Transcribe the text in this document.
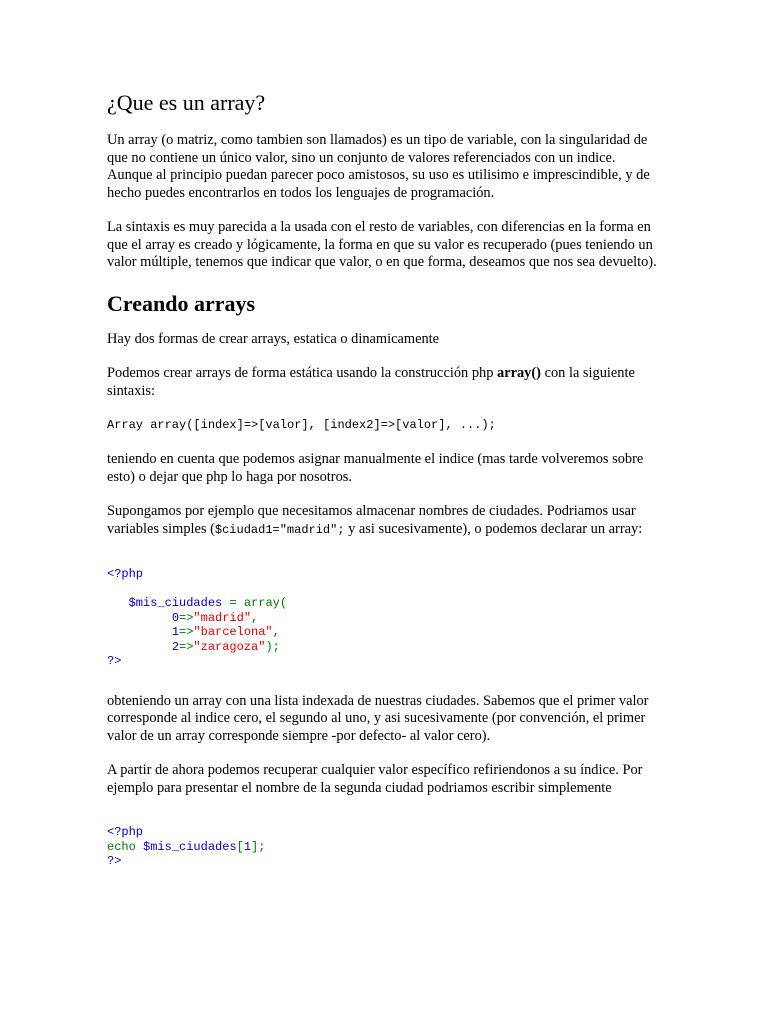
¿Que es un array?

Un array (o matriz, como tambien son llamados) es un tipo de variable, con la singularidad de que no contiene un único valor, sino un conjunto de valores referenciados con un indice. Aunque al principio puedan parecer poco amistosos, su uso es utilisimo e imprescindible, y de hecho puedes encontrarlos en todos los lenguajes de programación.

La sintaxis es muy parecida a la usada con el resto de variables, con diferencias en la forma en que el array es creado y lógicamente, la forma en que su valor es recuperado (pues teniendo un valor múltiple, tenemos que indicar que valor, o en que forma, deseamos que nos sea devuelto).

Creando arrays

Hay dos formas de crear arrays, estatica o dinamicamente

Podemos crear arrays de forma estática usando la construcción php array() con la siguiente sintaxis:

Array array([index]=>[valor], [index2]=>[valor], ...);

teniendo en cuenta que podemos asignar manualmente el indice (mas tarde volveremos sobre esto) o dejar que php lo haga por nosotros.

Supongamos por ejemplo que necesitamos almacenar nombres de ciudades. Podriamos usar variables simples ($ciudad1="madrid"; y asi sucesivamente), o podemos declarar un array:

<?php

$mis_ciudades = array(
0=>"madrid",
1=>"barcelona",
2=>"zaragoza");
?>

obteniendo un array con una lista indexada de nuestras ciudades. Sabemos que el primer valor corresponde al indice cero, el segundo al uno, y asi sucesivamente (por convención, el primer valor de un array corresponde siempre -por defecto- al valor cero).

A partir de ahora podemos recuperar cualquier valor específico refiriendonos a su índice. Por ejemplo para presentar el nombre de la segunda ciudad podriamos escribir simplemente

<?php
echo $mis_ciudades[1];
?>
